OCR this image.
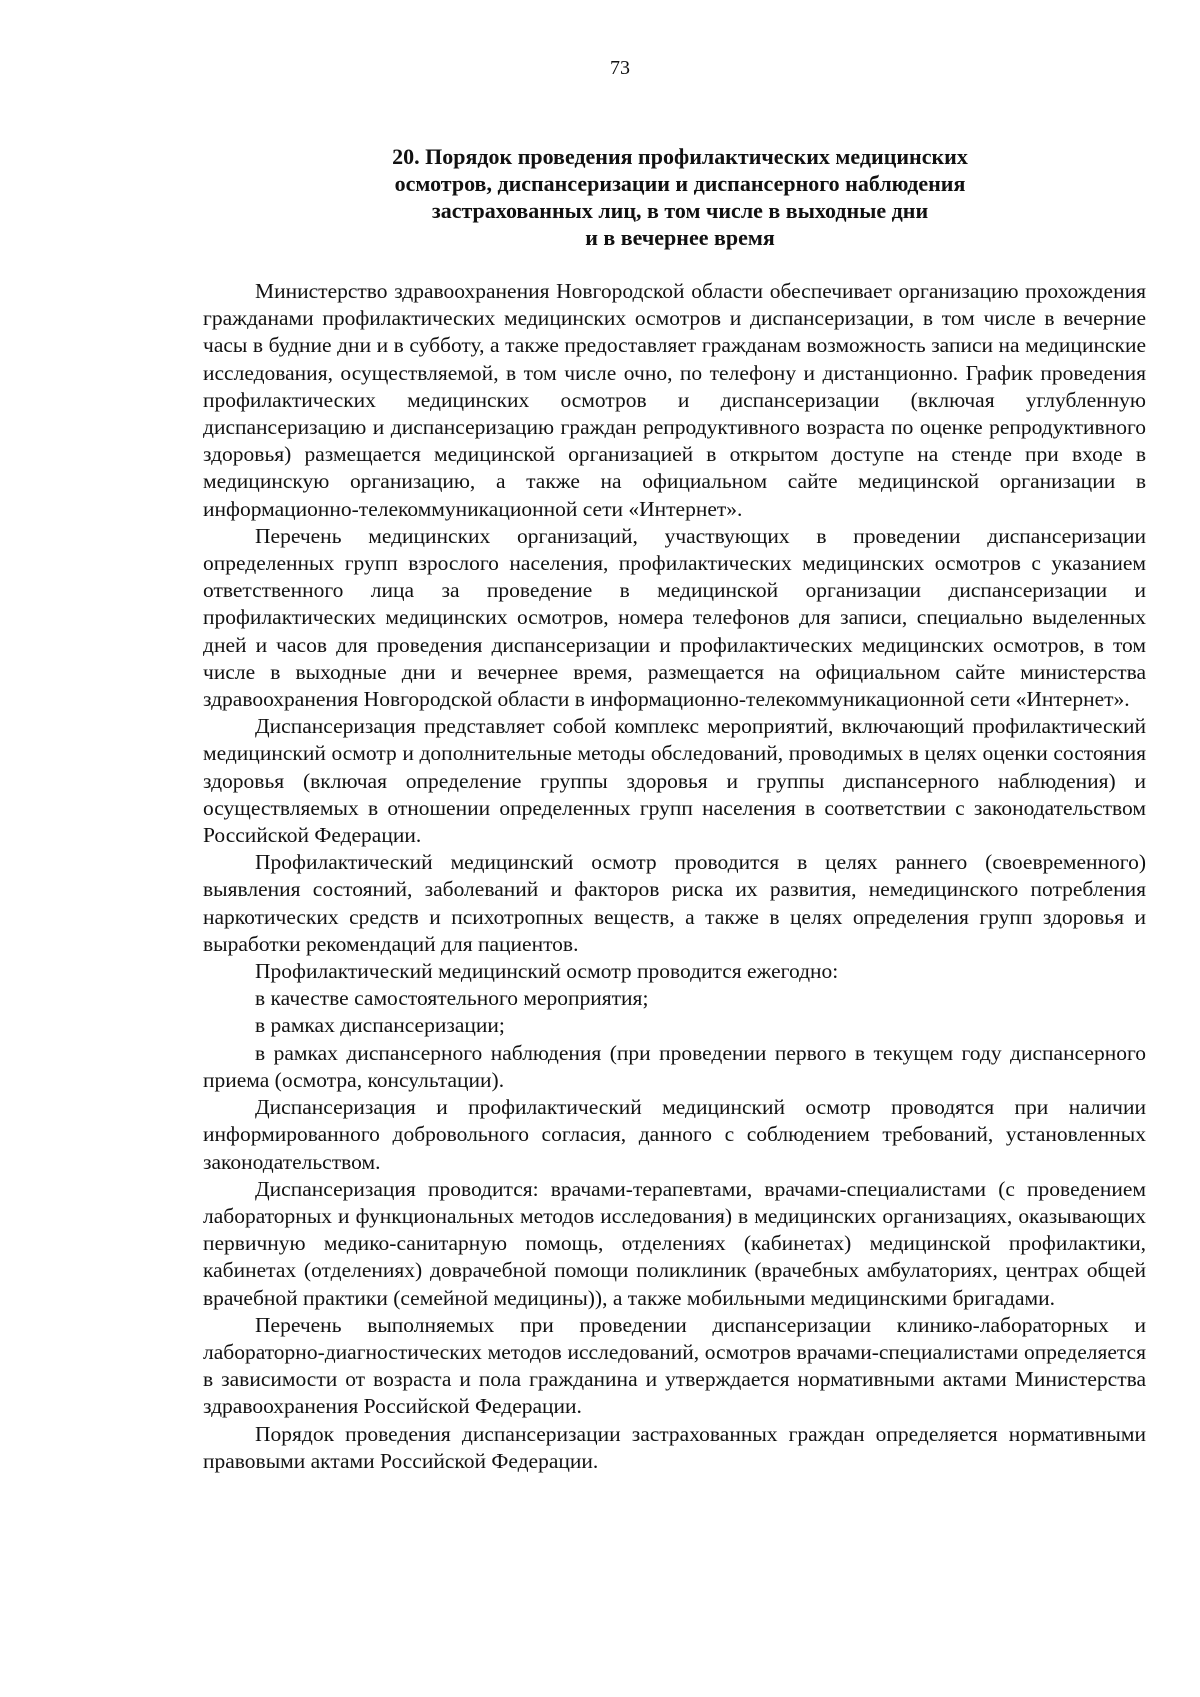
73
20. Порядок проведения профилактических медицинских
осмотров, диспансеризации и диспансерного наблюдения
застрахованных лиц, в том числе в выходные дни
и в вечернее время

Министерство здравоохранения Новгородской области обеспечивает организацию прохождения гражданами профилактических медицинских осмотров и диспансеризации, в том числе в вечерние часы в будние дни и в субботу, а также предоставляет гражданам возможность записи на медицинские исследования, осуществляемой, в том числе очно, по телефону и дистанционно. График проведения профилактических медицинских осмотров и диспансеризации (включая углубленную диспансеризацию и диспансеризацию граждан репродуктивного возраста по оценке репродуктивного здоровья) размещается медицинской организацией в открытом доступе на стенде при входе в медицинскую организацию, а также на официальном сайте медицинской организации в информационно-телекоммуникационной сети «Интернет».

Перечень медицинских организаций, участвующих в проведении диспансеризации определенных групп взрослого населения, профилактических медицинских осмотров с указанием ответственного лица за проведение в медицинской организации диспансеризации и профилактических медицинских осмотров, номера телефонов для записи, специально выделенных дней и часов для проведения диспансеризации и профилактических медицинских осмотров, в том числе в выходные дни и вечернее время, размещается на официальном сайте министерства здравоохранения Новгородской области в информационно-телекоммуникационной сети «Интернет».

Диспансеризация представляет собой комплекс мероприятий, включающий профилактический медицинский осмотр и дополнительные методы обследований, проводимых в целях оценки состояния здоровья (включая определение группы здоровья и группы диспансерного наблюдения) и осуществляемых в отношении определенных групп населения в соответствии с законодательством Российской Федерации.

Профилактический медицинский осмотр проводится в целях раннего (своевременного) выявления состояний, заболеваний и факторов риска их развития, немедицинского потребления наркотических средств и психотропных веществ, а также в целях определения групп здоровья и выработки рекомендаций для пациентов.

Профилактический медицинский осмотр проводится ежегодно:

в качестве самостоятельного мероприятия;

в рамках диспансеризации;

в рамках диспансерного наблюдения (при проведении первого в текущем году диспансерного приема (осмотра, консультации).

Диспансеризация и профилактический медицинский осмотр проводятся при наличии информированного добровольного согласия, данного с соблюдением требований, установленных законодательством.

Диспансеризация проводится: врачами-терапевтами, врачами-специалистами (с проведением лабораторных и функциональных методов исследования) в медицинских организациях, оказывающих первичную медико-санитарную помощь, отделениях (кабинетах) медицинской профилактики, кабинетах (отделениях) доврачебной помощи поликлиник (врачебных амбулаториях, центрах общей врачебной практики (семейной медицины)), а также мобильными медицинскими бригадами.

Перечень выполняемых при проведении диспансеризации клинико-лабораторных и лабораторно-диагностических методов исследований, осмотров врачами-специалистами определяется в зависимости от возраста и пола гражданина и утверждается нормативными актами Министерства здравоохранения Российской Федерации.

Порядок проведения диспансеризации застрахованных граждан определяется нормативными правовыми актами Российской Федерации.
